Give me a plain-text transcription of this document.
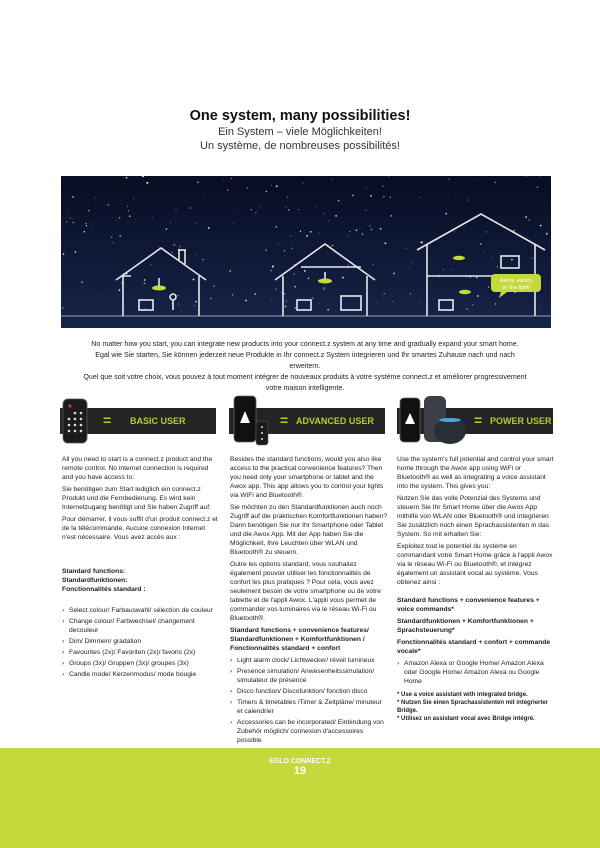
One system, many possibilities!
Ein System – viele Möglichkeiten!
Un système, de nombreuses possibilités!
Alexa, switch
on the light!

No matter how you start, you can integrate new products into your connect.z system at any time and gradually expand your smart home.

Egal wie Sie starten, Sie können jederzeit neue Produkte in Ihr connect.z System integrieren und Ihr smartes Zuhause nach und nach erweitern.

Quel que soit votre choix, vous pouvez à tout moment intégrer de nouveaux produits à votre système connect.z et améliorer progressivement votre maison intelligente.

= BASIC USER	= ADVANCED USER	= POWER USER

All you need to start is a connect.z product and the remote control. No internet connection is required and you have access to:

Sie benötigen zum Start lediglich ein connect.z Produkt und die Fernbedienung. Es wird kein Internetzugang benötigt und Sie haben Zugriff auf:

Pour démarrer, il vous suffit d'un produit connect.z et de la télécommande. Aucune connexion Internet n'est nécessaire. Vous avez accès aux :

Standard functions:
Standardfunktionen:
Fonctionnalités standard :
› Select colour/ Farbauswahl/ sélection de couleur
› Change colour/ Farbwechsel/ changement decouleur
› Dim/ Dimmen/ gradation
› Favourites (2x)/ Favoriten (2x)/ favoris (2x)
› Groups (3x)/ Gruppen (3x)/ groupes (3x)
› Candle mode/ Kerzenmodus/ mode bougie

Besides the standard functions, would you also like access to the practical convenience features? Then you need only your smartphone or tablet and the Awox app. This app allows you to control your lights via WiFi and Bluetooth®.

Sie möchten zu den Standardfunktionen auch noch Zugriff auf die praktischen Komfortfunktionen haben? Dann benötigen Sie nur Ihr Smartphone oder Tablet und die Awox App. Mit der App haben Sie die Möglichkeit, Ihre Leuchten über WLAN und Bluetooth® zu steuern.

Outre les options standard, vous souhaitez également pouvoir utiliser les fonctionnalités de confort les plus pratiques ? Pour cela, vous avez seulement besoin de votre smartphone ou de votre tablette et de l'appli Awox. L'appli vous permet de commander vos luminaires via le réseau Wi-Fi ou Bluetooth®.

Standard functions + convenience features/
Standardfunktionen + Komfortfunktionen /
Fonctionnalités standard + confort
› Light alarm clock/ Lichtwecker/ réveil lumineux
› Presence simulation/ Anwesenheitssimulation/ simulateur de présence
› Disco function/ Discofunktion/ fonction disco
› Timers & timetables /Timer & Zeitpläne/ minuteur et calendrier
› Accessories can be incorporated/ Einbindung von Zubehör möglich/ connexion d'accessoires possible

Use the system's full potential and control your smart home through the Awox app using WiFi or Bluetooth® as well as integrating a voice assistant into the system. This gives you:

Nutzen Sie das volle Potenzial des Systems und steuern Sie Ihr Smart Home über die Awox App mithilfe von WLAN oder Bluetooth® und integrieren Sie zusätzlich noch einen Sprachassistenten in das System. So mit erhalten Sie:

Exploitez tout le potentiel du système en commandant votre Smart Home grâce à l'appli Awox via le réseau Wi-Fi ou Bluetooth®, et intégrez également un assistant vocal au système. Vous obtenez ainsi :

Standard functions + convenience features + voice commands*

Standardfunktionen + Komfortfunktionen + Sprachsteuerung*

Fonctionnalités standard + confort + commande vocale*

› Amazon Alexa or Google Home/ Amazon Alexa oder Google Home/ Amazon Alexa ou Google Home
* Use a voice assistant with integrated bridge.
* Nutzen Sie einen Sprachassistenten mit integrierter Bridge.
* Utilisez un assistant vocal avec Bridge intégré.
EGLO CONNECT.Z
19
